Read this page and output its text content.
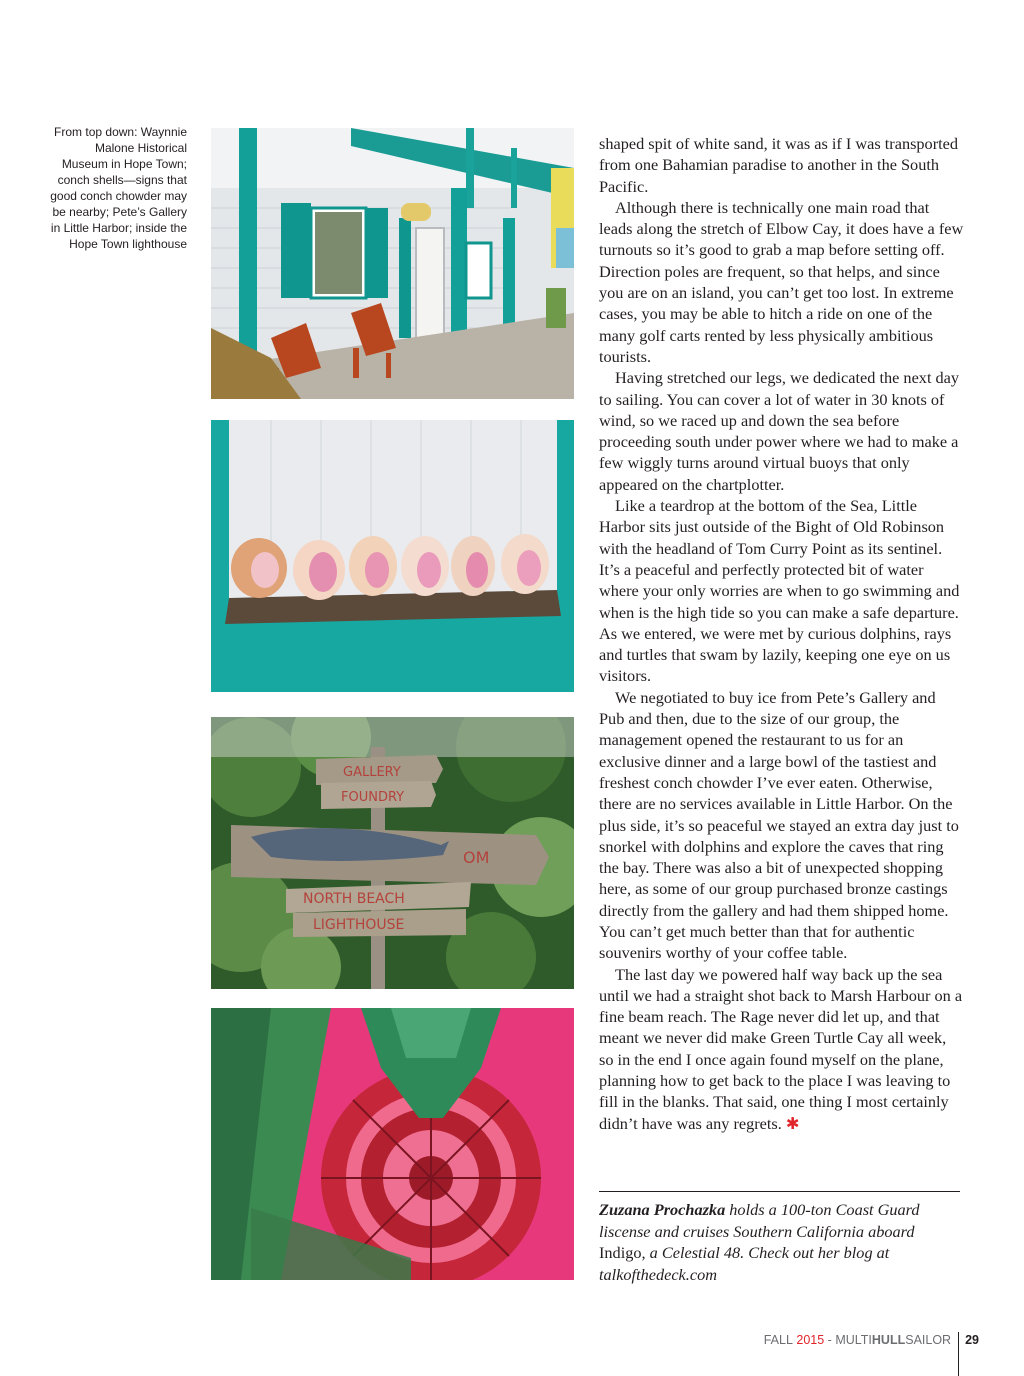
From top down: Waynnie Malone Historical Museum in Hope Town; conch shells—signs that good conch chowder may be nearby; Pete’s Gallery in Little Harbor; inside the Hope Town lighthouse
GALLERY
FOUNDRY
OM
NORTH BEACH
LIGHTHOUSE

shaped spit of white sand, it was as if I was transported from one Bahamian paradise to another in the South Pacific.

Although there is technically one main road that leads along the stretch of Elbow Cay, it does have a few turnouts so it’s good to grab a map before setting off. Direction poles are frequent, so that helps, and since you are on an island, you can’t get too lost. In extreme cases, you may be able to hitch a ride on one of the many golf carts rented by less physically ambitious tourists.

Having stretched our legs, we dedicated the next day to sailing. You can cover a lot of water in 30 knots of wind, so we raced up and down the sea before proceeding south under power where we had to make a few wiggly turns around virtual buoys that only appeared on the chartplotter.

Like a teardrop at the bottom of the Sea, Little Harbor sits just outside of the Bight of Old Robinson with the headland of Tom Curry Point as its sentinel. It’s a peaceful and perfectly protected bit of water where your only worries are when to go swimming and when is the high tide so you can make a safe departure. As we entered, we were met by curious dolphins, rays and turtles that swam by lazily, keeping one eye on us visitors.

We negotiated to buy ice from Pete’s Gallery and Pub and then, due to the size of our group, the management opened the restaurant to us for an exclusive dinner and a large bowl of the tastiest and freshest conch chowder I’ve ever eaten. Otherwise, there are no services available in Little Harbor. On the plus side, it’s so peaceful we stayed an extra day just to snorkel with dolphins and explore the caves that ring the bay. There was also a bit of unexpected shopping here, as some of our group purchased bronze castings directly from the gallery and had them shipped home. You can’t get much better than that for authentic souvenirs worthy of your coffee table.

The last day we powered half way back up the sea until we had a straight shot back to Marsh Harbour on a fine beam reach. The Rage never did let up, and that meant we never did make Green Turtle Cay all week, so in the end I once again found myself on the plane, planning how to get back to the place I was leaving to fill in the blanks. That said, one thing I most certainly didn’t have was any regrets. ✱

Zuzana Prochazka holds a 100-ton Coast Guard liscense and cruises Southern California aboard Indigo, a Celestial 48. Check out her blog at talkofthedeck.com
FALL
2015
-
MULTI HULL SAILOR 29
